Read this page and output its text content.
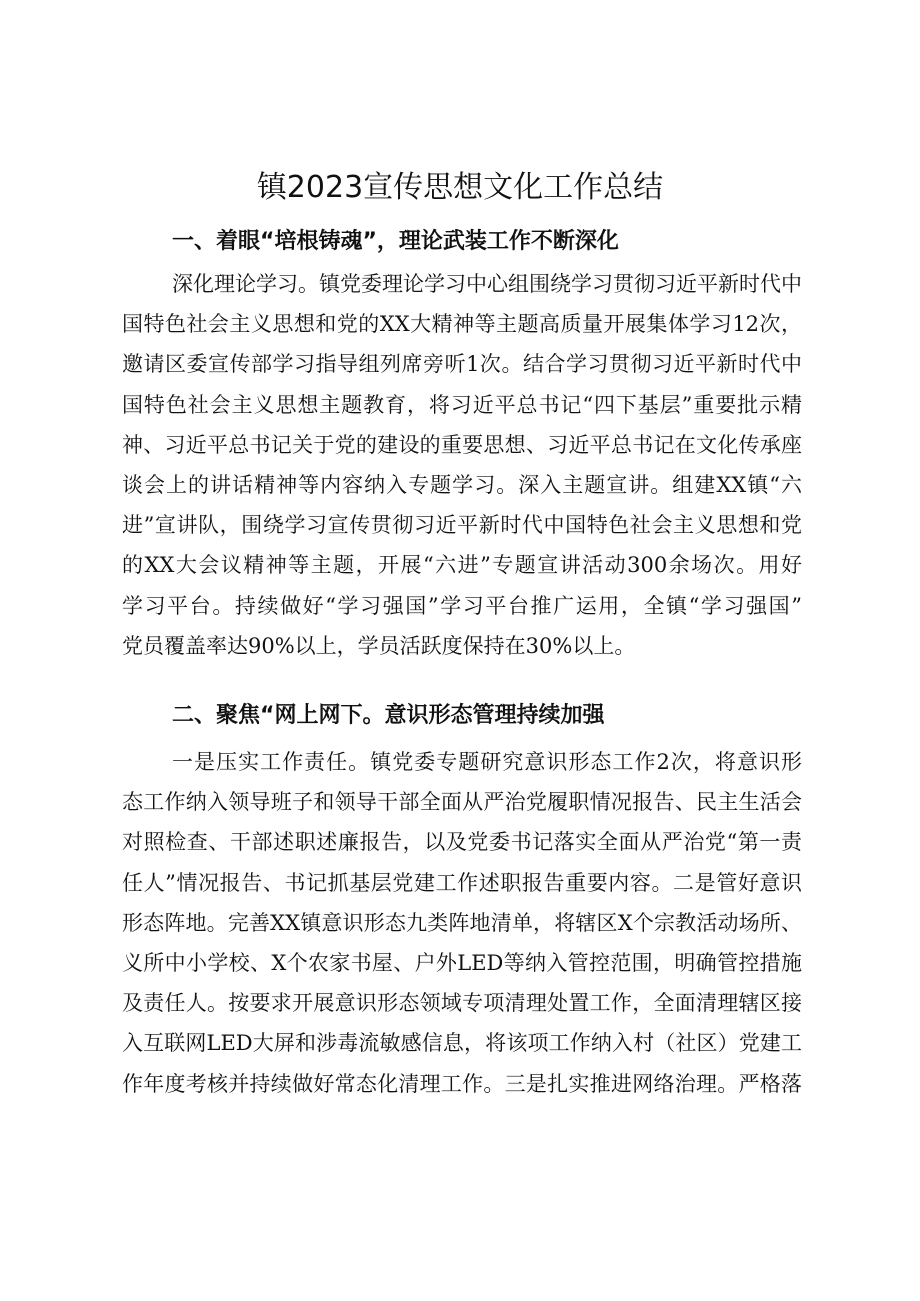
镇2023宣传思想文化工作总结
一、着眼“培根铸魂”，理论武装工作不断深化
深化理论学习。镇党委理论学习中心组围绕学习贯彻习近平新时代中
国特色社会主义思想和党的XX大精神等主题高质量开展集体学习12次，
邀请区委宣传部学习指导组列席旁听1次。结合学习贯彻习近平新时代中
国特色社会主义思想主题教育，将习近平总书记“四下基层”重要批示精
神、习近平总书记关于党的建设的重要思想、习近平总书记在文化传承座
谈会上的讲话精神等内容纳入专题学习。深入主题宣讲。组建XX镇“六
进”宣讲队，围绕学习宣传贯彻习近平新时代中国特色社会主义思想和党
的XX大会议精神等主题，开展“六进”专题宣讲活动300余场次。用好
学习平台。持续做好“学习强国”学习平台推广运用，全镇“学习强国”
党员覆盖率达90%以上，学员活跃度保持在30%以上。
二、聚焦“网上网下。意识形态管理持续加强
一是压实工作责任。镇党委专题研究意识形态工作2次，将意识形
态工作纳入领导班子和领导干部全面从严治党履职情况报告、民主生活会
对照检查、干部述职述廉报告，以及党委书记落实全面从严治党“第一责
任人”情况报告、书记抓基层党建工作述职报告重要内容。二是管好意识
形态阵地。完善XX镇意识形态九类阵地清单，将辖区X个宗教活动场所、
义所中小学校、X个农家书屋、户外LED等纳入管控范围，明确管控措施
及责任人。按要求开展意识形态领域专项清理处置工作，全面清理辖区接
入互联网LED大屏和涉毒流敏感信息，将该项工作纳入村（社区）党建工
作年度考核并持续做好常态化清理工作。三是扎实推进网络治理。严格落
